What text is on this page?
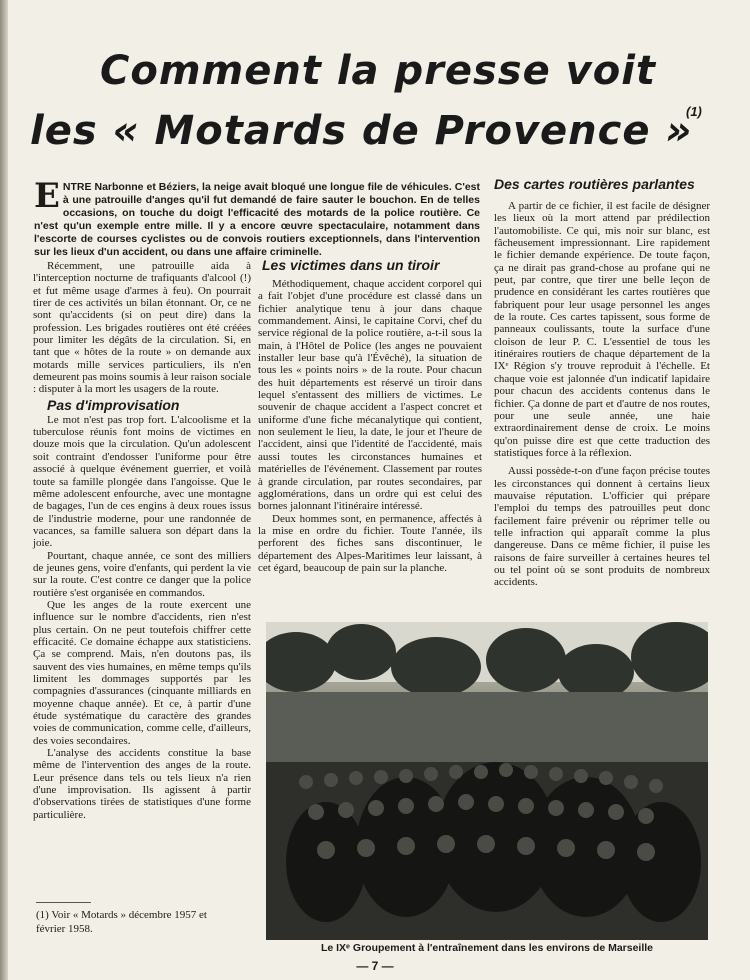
Comment la presse voit
les « Motards de Provence »
(1)

ENTRE Narbonne et Béziers, la neige avait bloqué une longue file de véhicules. C'est à une patrouille d'anges qu'il fut demandé de faire sauter le bouchon. En de telles occasions, on touche du doigt l'efficacité des motards de la police routière. Ce n'est qu'un exemple entre mille. Il y a encore œuvre spectaculaire, notamment dans l'escorte de courses cyclistes ou de convois routiers exceptionnels, dans l'intervention sur les lieux d'un accident, ou dans une affaire criminelle.

Récemment, une patrouille aida à l'interception nocturne de trafiquants d'alcool (!) et fut même usage d'armes à feu). On pourrait tirer de ces activités un bilan étonnant. Or, ce ne sont qu'accidents (si on peut dire) dans la profession. Les brigades routières ont été créées pour limiter les dégâts de la circulation. Si, en tant que « hôtes de la route » on demande aux motards mille services particuliers, ils n'en demeurent pas moins soumis à leur raison sociale : disputer à la mort les usagers de la route.

Pas d'improvisation

Le mot n'est pas trop fort. L'alcoolisme et la tuberculose réunis font moins de victimes en douze mois que la circulation. Qu'un adolescent soit contraint d'endosser l'uniforme pour être associé à quelque événement guerrier, et voilà toute sa famille plongée dans l'angoisse. Que le même adolescent enfourche, avec une montagne de bagages, l'un de ces engins à deux roues issus de l'industrie moderne, pour une randonnée de vacances, sa famille saluera son départ dans la joie.

Pourtant, chaque année, ce sont des milliers de jeunes gens, voire d'enfants, qui perdent la vie sur la route. C'est contre ce danger que la police routière s'est organisée en commandos.

Que les anges de la route exercent une influence sur le nombre d'accidents, rien n'est plus certain. On ne peut toutefois chiffrer cette efficacité. Ce domaine échappe aux statisticiens. Ça se comprend. Mais, n'en doutons pas, ils sauvent des vies humaines, en même temps qu'ils limitent les dommages supportés par les compagnies d'assurances (cinquante milliards en moyenne chaque année). Et ce, à partir d'une étude systématique du caractère des grandes voies de communication, comme celle, d'ailleurs, des voies secondaires.

L'analyse des accidents constitue la base même de l'intervention des anges de la route. Leur présence dans tels ou tels lieux n'a rien d'une improvisation. Ils agissent à partir d'observations tirées de statistiques d'une forme particulière.

Les victimes dans un tiroir

Méthodiquement, chaque accident corporel qui a fait l'objet d'une procédure est classé dans un fichier analytique tenu à jour dans chaque commandement. Ainsi, le capitaine Corvi, chef du service régional de la police routière, a-t-il sous la main, à l'Hôtel de Police (les anges ne pouvaient installer leur base qu'à l'Évêché), la situation de tous les « points noirs » de la route. Pour chacun des huit départements est réservé un tiroir dans lequel s'entassent des milliers de victimes. Le souvenir de chaque accident a l'aspect concret et uniforme d'une fiche mécanalytique qui contient, non seulement le lieu, la date, le jour et l'heure de l'accident, ainsi que l'identité de l'accidenté, mais aussi toutes les circonstances humaines et matérielles de l'événement. Classement par routes à grande circulation, par routes secondaires, par agglomérations, dans un ordre qui est celui des bornes jalonnant l'itinéraire intéressé.

Deux hommes sont, en permanence, affectés à la mise en ordre du fichier. Toute l'année, ils perforent des fiches sans discontinuer, le département des Alpes-Maritimes leur laissant, à cet égard, beaucoup de pain sur la planche.

Des cartes routières parlantes

A partir de ce fichier, il est facile de désigner les lieux où la mort attend par prédilection l'automobiliste. Ce qui, mis noir sur blanc, est fâcheusement impressionnant. Lire rapidement le fichier demande expérience. De toute façon, ça ne dirait pas grand-chose au profane qui ne peut, par contre, que tirer une belle leçon de prudence en considérant les cartes routières que fabriquent pour leur usage personnel les anges de la route. Ces cartes tapissent, sous forme de panneaux coulissants, toute la surface d'une cloison de leur P. C. L'essentiel de tous les itinéraires routiers de chaque département de la IXᵉ Région s'y trouve reproduit à l'échelle. Et chaque voie est jalonnée d'un indicatif lapidaire pour chacun des accidents contenus dans le fichier. Ça donne de part et d'autre de nos routes, pour une seule année, une haie extraordinairement dense de croix. Le moins qu'on puisse dire est que cette traduction des statistiques force à la réflexion.

Aussi possède-t-on d'une façon précise toutes les circonstances qui donnent à certains lieux mauvaise réputation. L'officier qui prépare l'emploi du temps des patrouilles peut donc facilement faire prévenir ou réprimer telle ou telle infraction qui apparaît comme la plus dangereuse. Dans ce même fichier, il puise les raisons de faire surveiller à certaines heures tel ou tel point où se sont produits de nombreux accidents.

Le IXᵉ Groupement à l'entraînement dans les environs de Marseille
(1) Voir « Motards » décembre 1957 et février 1958.
— 7 —
